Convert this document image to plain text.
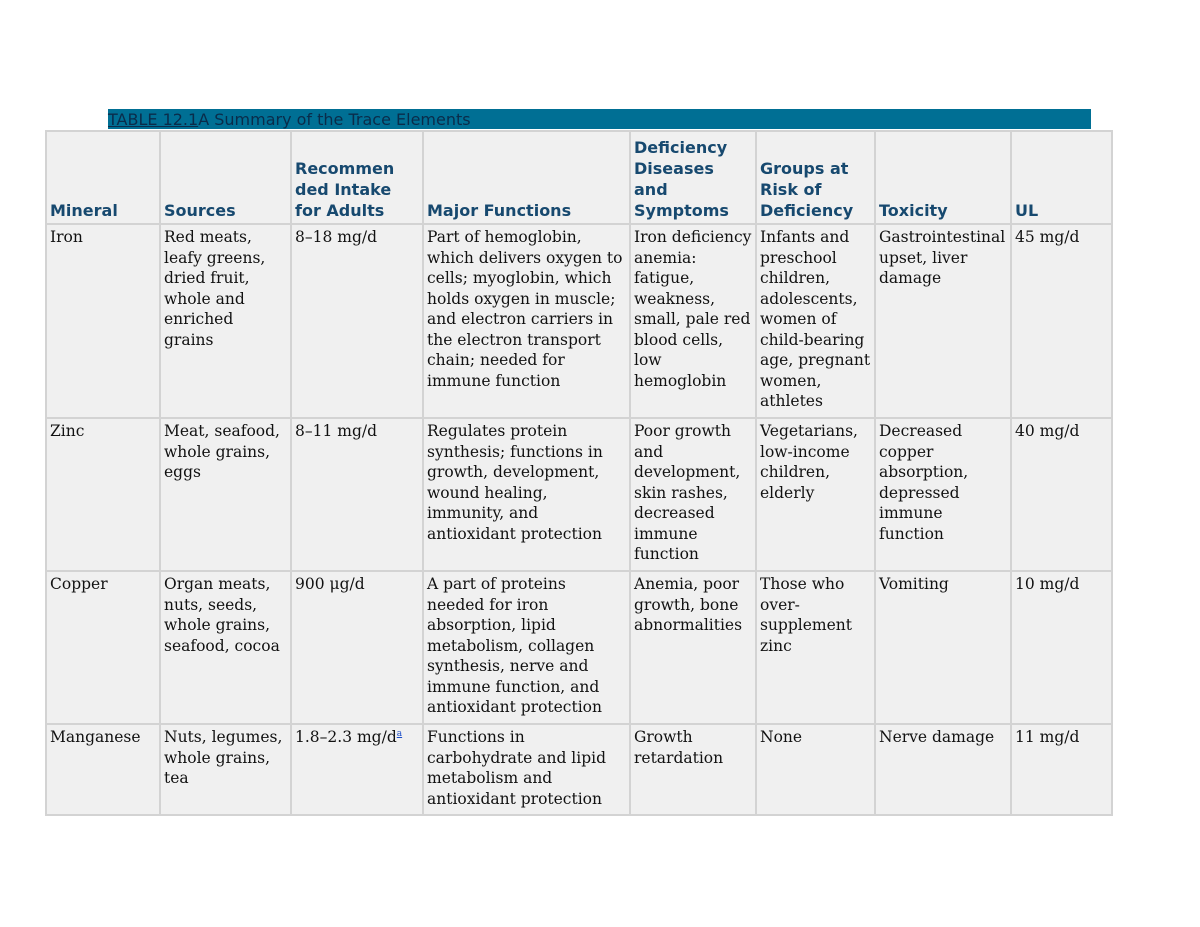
TABLE 12.1A Summary of the Trace Elements
Mineral	Sources	Recommen
ded Intake
for Adults	Major Functions	Deficiency
Diseases
and
Symptoms	Groups at
Risk of
Deficiency	Toxicity	UL
Iron	Red meats, leafy greens, dried fruit, whole and enriched grains	8–18 mg/d	Part of hemoglobin, which delivers oxygen to cells; myoglobin, which holds oxygen in muscle; and electron carriers in the electron transport chain; needed for immune function	Iron deficiency anemia: fatigue, weakness, small, pale red blood cells, low hemoglobin	Infants and preschool children, adolescents, women of child-bearing age, pregnant women, athletes	Gastrointestinal upset, liver damage	45 mg/d
Zinc	Meat, seafood, whole grains, eggs	8–11 mg/d	Regulates protein synthesis; functions in growth, development, wound healing, immunity, and antioxidant protection	Poor growth and development, skin rashes, decreased immune function	Vegetarians, low-income children, elderly	Decreased copper absorption, depressed immune function	40 mg/d
Copper	Organ meats, nuts, seeds, whole grains, seafood, cocoa	900 μg/d	A part of proteins needed for iron absorption, lipid metabolism, collagen synthesis, nerve and immune function, and antioxidant protection	Anemia, poor growth, bone abnormalities	Those who over-supplement zinc	Vomiting	10 mg/d
Manganese	Nuts, legumes, whole grains, tea	1.8–2.3 mg/d$^a$	Functions in carbohydrate and lipid metabolism and antioxidant protection	Growth retardation	None	Nerve damage	11 mg/d
